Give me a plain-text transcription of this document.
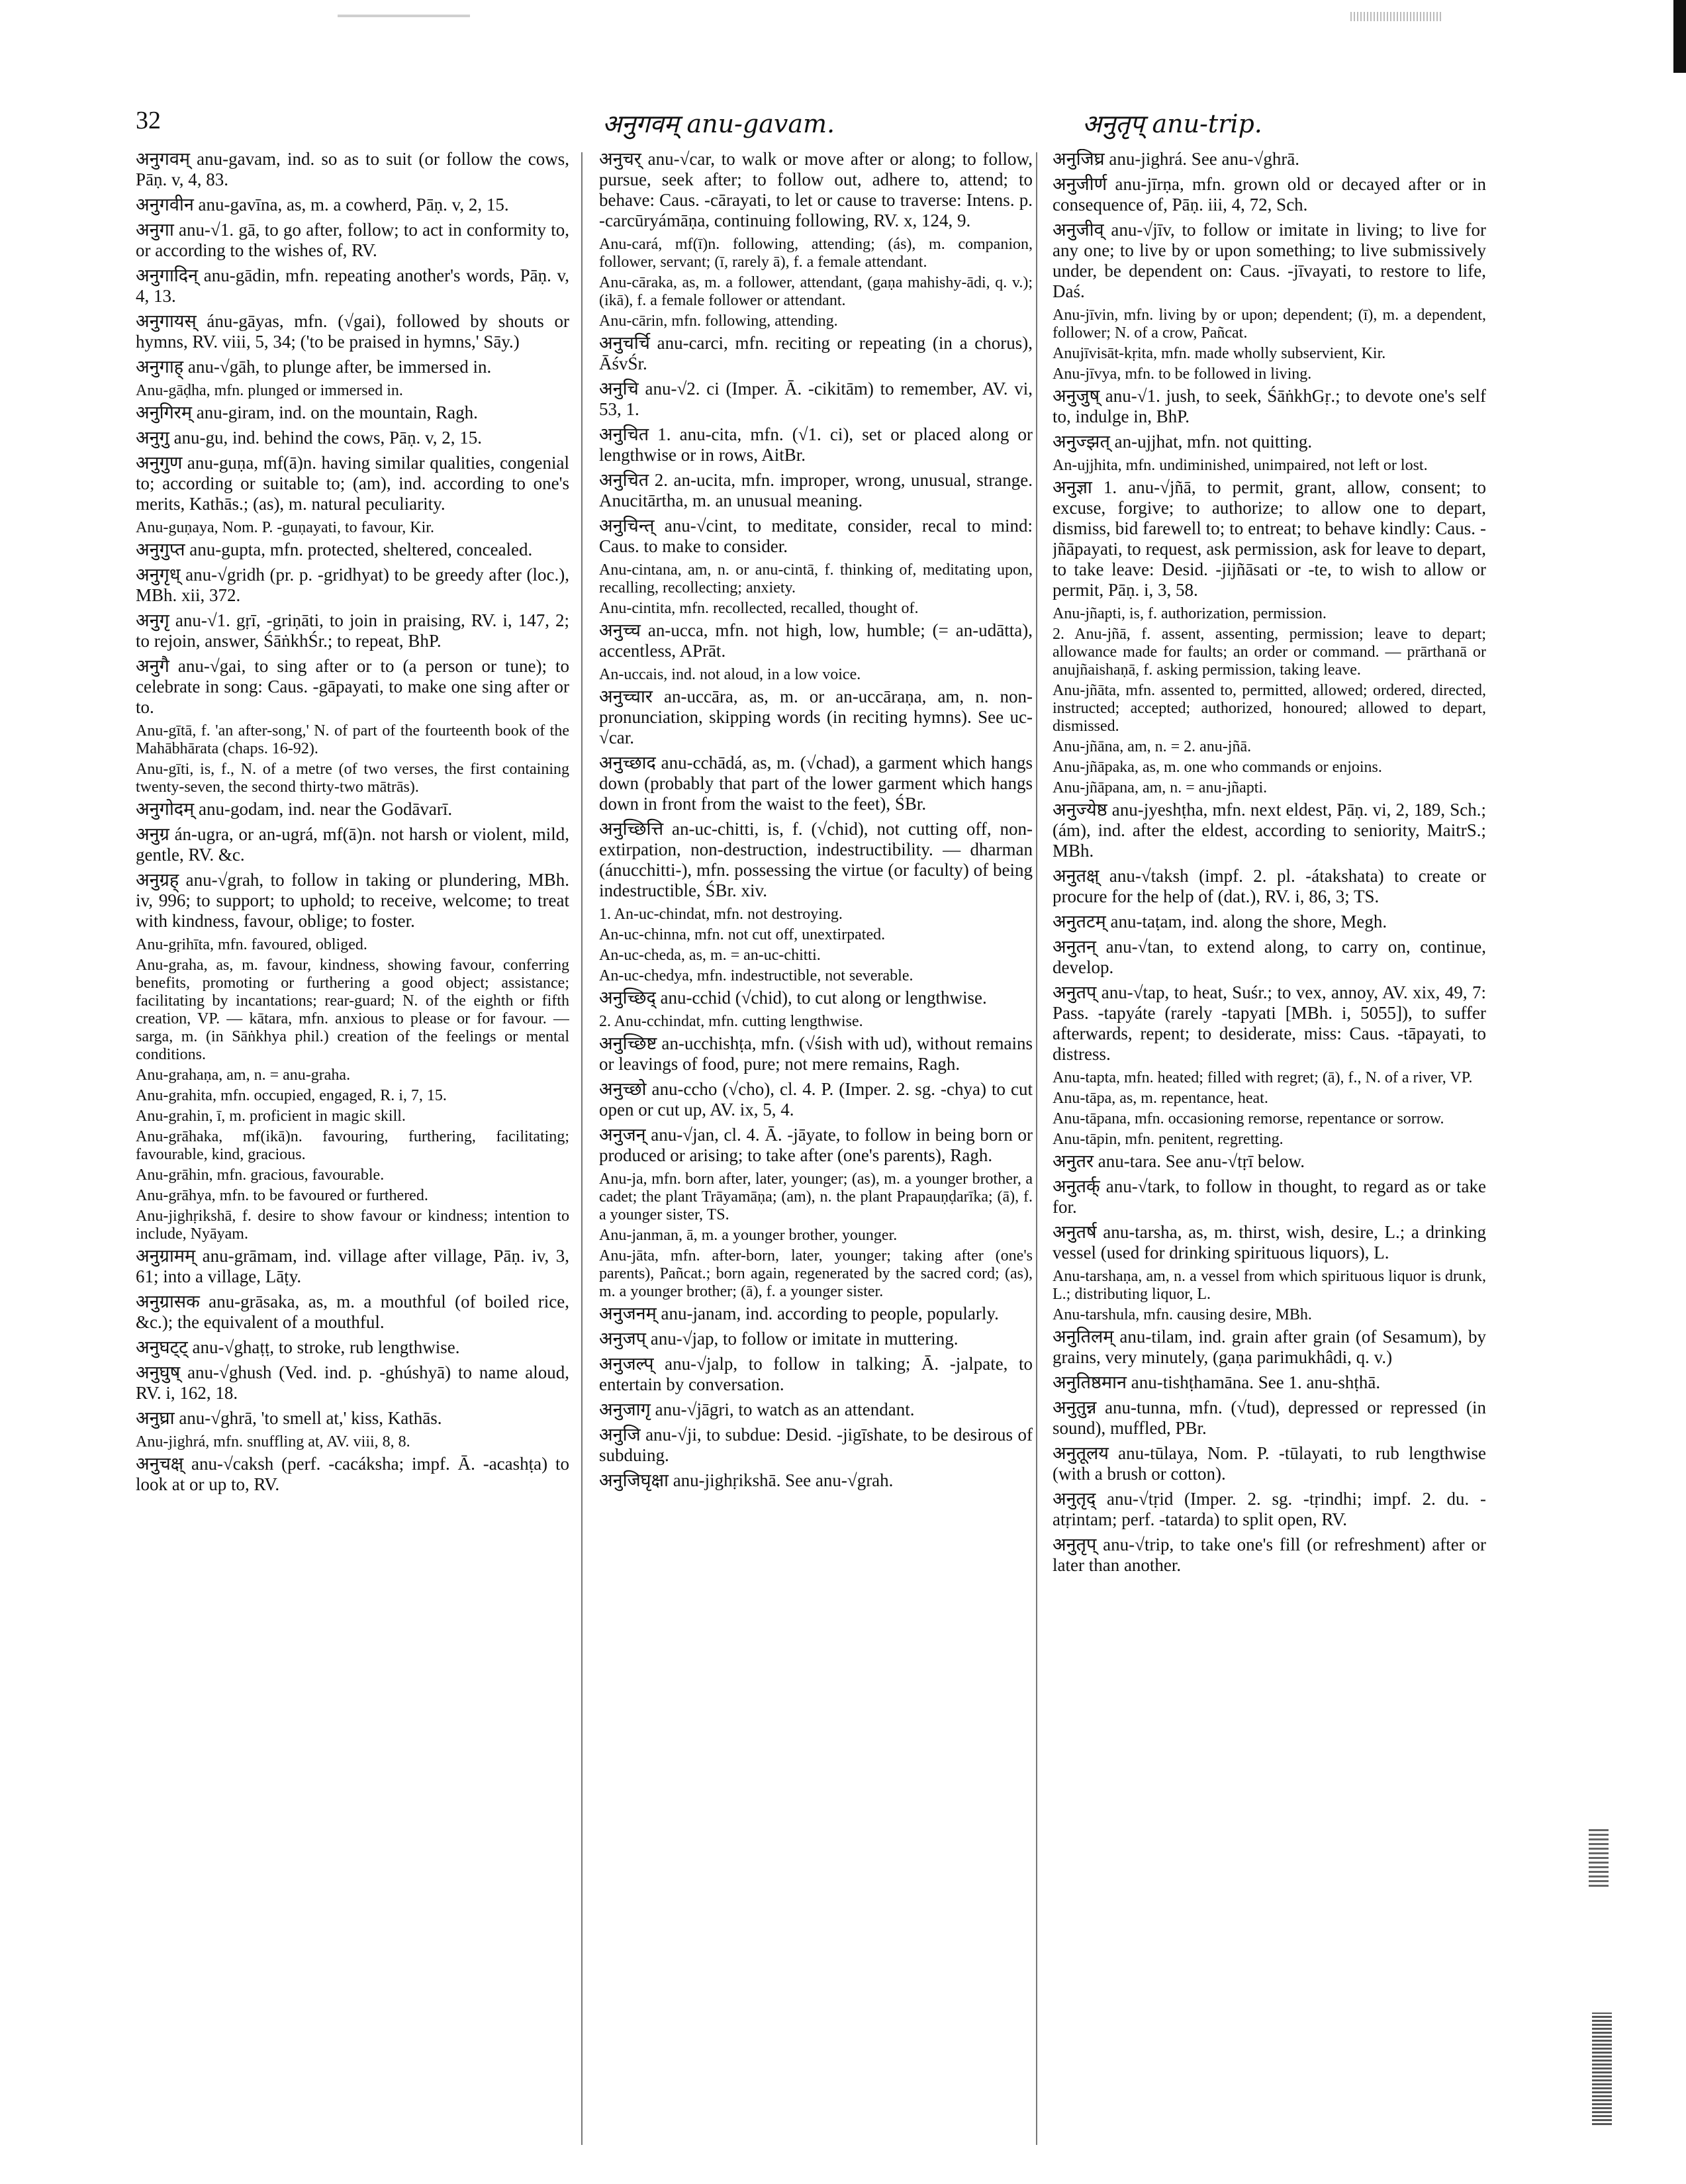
32	अनुगवम् anu-gavam.	अनुतृप् anu-trip.

अनुगवम् anu-gavam, ind. so as to suit (or follow the cows, Pāṇ. v, 4, 83.

अनुगवीन anu-gavīna, as, m. a cowherd, Pāṇ. v, 2, 15.

अनुगा anu-√1. gā, to go after, follow; to act in conformity to, or according to the wishes of, RV.

अनुगादिन् anu-gādin, mfn. repeating another's words, Pāṇ. v, 4, 13.

अनुगायस् ánu-gāyas, mfn. (√gai), followed by shouts or hymns, RV. viii, 5, 34; ('to be praised in hymns,' Sāy.)

अनुगाह् anu-√gāh, to plunge after, be immersed in.

Anu-gāḍha, mfn. plunged or immersed in.

अनुगिरम् anu-giram, ind. on the mountain, Ragh.

अनुगु anu-gu, ind. behind the cows, Pāṇ. v, 2, 15.

अनुगुण anu-guṇa, mf(ā)n. having similar qualities, congenial to; according or suitable to; (am), ind. according to one's merits, Kathās.; (as), m. natural peculiarity.

Anu-guṇaya, Nom. P. -guṇayati, to favour, Kir.

अनुगुप्त anu-gupta, mfn. protected, sheltered, concealed.

अनुगृध् anu-√gridh (pr. p. -gridhyat) to be greedy after (loc.), MBh. xii, 372.

अनुगृ anu-√1. gṛī, -griṇāti, to join in praising, RV. i, 147, 2; to rejoin, answer, ŚāṅkhŚr.; to repeat, BhP.

अनुगै anu-√gai, to sing after or to (a person or tune); to celebrate in song: Caus. -gāpayati, to make one sing after or to.

Anu-gītā, f. 'an after-song,' N. of part of the fourteenth book of the Mahābhārata (chaps. 16-92).

Anu-gīti, is, f., N. of a metre (of two verses, the first containing twenty-seven, the second thirty-two mātrās).

अनुगोदम् anu-godam, ind. near the Godāvarī.

अनुग्र án-ugra, or an-ugrá, mf(ā)n. not harsh or violent, mild, gentle, RV. &c.

अनुग्रह् anu-√grah, to follow in taking or plundering, MBh. iv, 996; to support; to uphold; to receive, welcome; to treat with kindness, favour, oblige; to foster.

Anu-gṛihīta, mfn. favoured, obliged.

Anu-graha, as, m. favour, kindness, showing favour, conferring benefits, promoting or furthering a good object; assistance; facilitating by incantations; rear-guard; N. of the eighth or fifth creation, VP. — kātara, mfn. anxious to please or for favour. — sarga, m. (in Sāṅkhya phil.) creation of the feelings or mental conditions.

Anu-grahaṇa, am, n. = anu-graha.

Anu-grahita, mfn. occupied, engaged, R. i, 7, 15.

Anu-grahin, ī, m. proficient in magic skill.

Anu-grāhaka, mf(ikā)n. favouring, furthering, facilitating; favourable, kind, gracious.

Anu-grāhin, mfn. gracious, favourable.

Anu-grāhya, mfn. to be favoured or furthered.

Anu-jighṛikshā, f. desire to show favour or kindness; intention to include, Nyāyam.

अनुग्रामम् anu-grāmam, ind. village after village, Pāṇ. iv, 3, 61; into a village, Lāṭy.

अनुग्रासक anu-grāsaka, as, m. a mouthful (of boiled rice, &c.); the equivalent of a mouthful.

अनुघट्ट् anu-√ghaṭṭ, to stroke, rub lengthwise.

अनुघुष् anu-√ghush (Ved. ind. p. -ghúshyā) to name aloud, RV. i, 162, 18.

अनुघ्रा anu-√ghrā, 'to smell at,' kiss, Kathās.

Anu-jighrá, mfn. snuffling at, AV. viii, 8, 8.

अनुचक्ष् anu-√caksh (perf. -cacáksha; impf. Ā. -acashṭa) to look at or up to, RV.

अनुचर् anu-√car, to walk or move after or along; to follow, pursue, seek after; to follow out, adhere to, attend; to behave: Caus. -cārayati, to let or cause to traverse: Intens. p. -carcūryámāṇa, continuing following, RV. x, 124, 9.

Anu-cará, mf(ī)n. following, attending; (ás), m. companion, follower, servant; (ī, rarely ā), f. a female attendant.

Anu-cāraka, as, m. a follower, attendant, (gaṇa mahishy-ādi, q. v.); (ikā), f. a female follower or attendant.

Anu-cārin, mfn. following, attending.

अनुचर्चि anu-carci, mfn. reciting or repeating (in a chorus), ĀśvŚr.

अनुचि anu-√2. ci (Imper. Ā. -cikitām) to remember, AV. vi, 53, 1.

अनुचित 1. anu-cita, mfn. (√1. ci), set or placed along or lengthwise or in rows, AitBr.

अनुचित 2. an-ucita, mfn. improper, wrong, unusual, strange. Anucitārtha, m. an unusual meaning.

अनुचिन्त् anu-√cint, to meditate, consider, recal to mind: Caus. to make to consider.

Anu-cintana, am, n. or anu-cintā, f. thinking of, meditating upon, recalling, recollecting; anxiety.

Anu-cintita, mfn. recollected, recalled, thought of.

अनुच्च an-ucca, mfn. not high, low, humble; (= an-udātta), accentless, APrāt.

An-uccais, ind. not aloud, in a low voice.

अनुच्चार an-uccāra, as, m. or an-uccāraṇa, am, n. non-pronunciation, skipping words (in reciting hymns). See uc-√car.

अनुच्छाद anu-cchādá, as, m. (√chad), a garment which hangs down (probably that part of the lower garment which hangs down in front from the waist to the feet), ŚBr.

अनुच्छित्ति an-uc-chitti, is, f. (√chid), not cutting off, non-extirpation, non-destruction, indestructibility. — dharman (ánucchitti-), mfn. possessing the virtue (or faculty) of being indestructible, ŚBr. xiv.

1. An-uc-chindat, mfn. not destroying.

An-uc-chinna, mfn. not cut off, unextirpated.

An-uc-cheda, as, m. = an-uc-chitti.

An-uc-chedya, mfn. indestructible, not severable.

अनुच्छिद् anu-cchid (√chid), to cut along or lengthwise.

2. Anu-cchindat, mfn. cutting lengthwise.

अनुच्छिष्ट an-ucchishṭa, mfn. (√śish with ud), without remains or leavings of food, pure; not mere remains, Ragh.

अनुच्छो anu-ccho (√cho), cl. 4. P. (Imper. 2. sg. -chya) to cut open or cut up, AV. ix, 5, 4.

अनुजन् anu-√jan, cl. 4. Ā. -jāyate, to follow in being born or produced or arising; to take after (one's parents), Ragh.

Anu-ja, mfn. born after, later, younger; (as), m. a younger brother, a cadet; the plant Trāyamāṇa; (am), n. the plant Prapauṇḍarīka; (ā), f. a younger sister, TS.

Anu-janman, ā, m. a younger brother, younger.

Anu-jāta, mfn. after-born, later, younger; taking after (one's parents), Pañcat.; born again, regenerated by the sacred cord; (as), m. a younger brother; (ā), f. a younger sister.

अनुजनम् anu-janam, ind. according to people, popularly.

अनुजप् anu-√jap, to follow or imitate in muttering.

अनुजल्प् anu-√jalp, to follow in talking; Ā. -jalpate, to entertain by conversation.

अनुजागृ anu-√jāgri, to watch as an attendant.

अनुजि anu-√ji, to subdue: Desid. -jigīshate, to be desirous of subduing.

अनुजिघृक्षा anu-jighṛikshā. See anu-√grah.

अनुजिघ्र anu-jighrá. See anu-√ghrā.

अनुजीर्ण anu-jīrṇa, mfn. grown old or decayed after or in consequence of, Pāṇ. iii, 4, 72, Sch.

अनुजीव् anu-√jīv, to follow or imitate in living; to live for any one; to live by or upon something; to live submissively under, be dependent on: Caus. -jīvayati, to restore to life, Daś.

Anu-jīvin, mfn. living by or upon; dependent; (ī), m. a dependent, follower; N. of a crow, Pañcat.

Anujīvisāt-kṛita, mfn. made wholly subservient, Kir.

Anu-jīvya, mfn. to be followed in living.

अनुजुष् anu-√1. jush, to seek, ŚāṅkhGṛ.; to devote one's self to, indulge in, BhP.

अनुज्झत् an-ujjhat, mfn. not quitting.

An-ujjhita, mfn. undiminished, unimpaired, not left or lost.

अनुज्ञा 1. anu-√jñā, to permit, grant, allow, consent; to excuse, forgive; to authorize; to allow one to depart, dismiss, bid farewell to; to entreat; to behave kindly: Caus. -jñāpayati, to request, ask permission, ask for leave to depart, to take leave: Desid. -jijñāsati or -te, to wish to allow or permit, Pāṇ. i, 3, 58.

Anu-jñapti, is, f. authorization, permission.

2. Anu-jñā, f. assent, assenting, permission; leave to depart; allowance made for faults; an order or command. — prārthanā or anujñaishaṇā, f. asking permission, taking leave.

Anu-jñāta, mfn. assented to, permitted, allowed; ordered, directed, instructed; accepted; authorized, honoured; allowed to depart, dismissed.

Anu-jñāna, am, n. = 2. anu-jñā.

Anu-jñāpaka, as, m. one who commands or enjoins.

Anu-jñāpana, am, n. = anu-jñapti.

अनुज्येष्ठ anu-jyeshṭha, mfn. next eldest, Pāṇ. vi, 2, 189, Sch.; (ám), ind. after the eldest, according to seniority, MaitrS.; MBh.

अनुतक्ष् anu-√taksh (impf. 2. pl. -átakshata) to create or procure for the help of (dat.), RV. i, 86, 3; TS.

अनुतटम् anu-taṭam, ind. along the shore, Megh.

अनुतन् anu-√tan, to extend along, to carry on, continue, develop.

अनुतप् anu-√tap, to heat, Suśr.; to vex, annoy, AV. xix, 49, 7: Pass. -tapyáte (rarely -tapyati [MBh. i, 5055]), to suffer afterwards, repent; to desiderate, miss: Caus. -tāpayati, to distress.

Anu-tapta, mfn. heated; filled with regret; (ā), f., N. of a river, VP.

Anu-tāpa, as, m. repentance, heat.

Anu-tāpana, mfn. occasioning remorse, repentance or sorrow.

Anu-tāpin, mfn. penitent, regretting.

अनुतर anu-tara. See anu-√tṛī below.

अनुतर्क् anu-√tark, to follow in thought, to regard as or take for.

अनुतर्ष anu-tarsha, as, m. thirst, wish, desire, L.; a drinking vessel (used for drinking spirituous liquors), L.

Anu-tarshaṇa, am, n. a vessel from which spirituous liquor is drunk, L.; distributing liquor, L.

Anu-tarshula, mfn. causing desire, MBh.

अनुतिलम् anu-tilam, ind. grain after grain (of Sesamum), by grains, very minutely, (gaṇa parimukhâdi, q. v.)

अनुतिष्ठमान anu-tishṭhamāna. See 1. anu-shṭhā.

अनुतुन्न anu-tunna, mfn. (√tud), depressed or repressed (in sound), muffled, PBr.

अनुतूलय anu-tūlaya, Nom. P. -tūlayati, to rub lengthwise (with a brush or cotton).

अनुतृद् anu-√tṛid (Imper. 2. sg. -tṛindhi; impf. 2. du. -atṛintam; perf. -tatarda) to split open, RV.

अनुतृप् anu-√trip, to take one's fill (or refreshment) after or later than another.
